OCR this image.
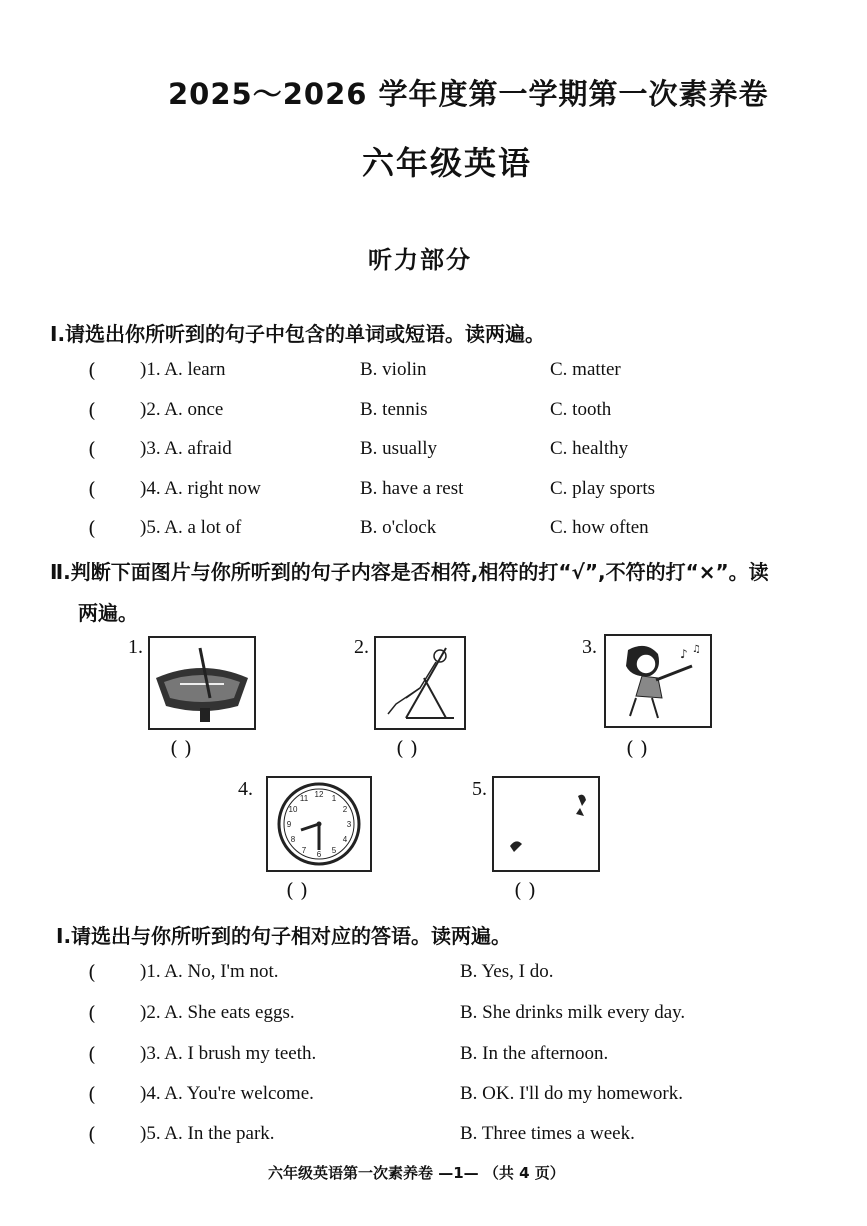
2025～2026 学年度第一学期第一次素养卷
六年级英语
听力部分
Ⅰ.请选出你所听到的句子中包含的单词或短语。读两遍。
( )1. A. learn	B. violin	C. matter
( )2. A. once	B. tennis	C. tooth
( )3. A. afraid	B. usually	C. healthy
( )4. A. right now	B. have a rest	C. play sports
( )5. A. a lot of	B. o'clock	C. how often
Ⅱ.判断下面图片与你所听到的句子内容是否相符,相符的打“√”,不符的打“×”。读
两遍。
1.
( )
2.
( )
3.	♪ ♫
( )
4.	12 1
2
3
4
5
6
7
8
9
10
11
( )
5.
( )
Ⅰ.请选出与你所听到的句子相对应的答语。读两遍。
( )1. A. No, I'm not.	B. Yes, I do.
( )2. A. She eats eggs.	B. She drinks milk every day.
( )3. A. I brush my teeth.	B. In the afternoon.
( )4. A. You're welcome.	B. OK. I'll do my homework.
( )5. A. In the park.	B. Three times a week.
六年级英语第一次素养卷 —1— （共 4 页）
